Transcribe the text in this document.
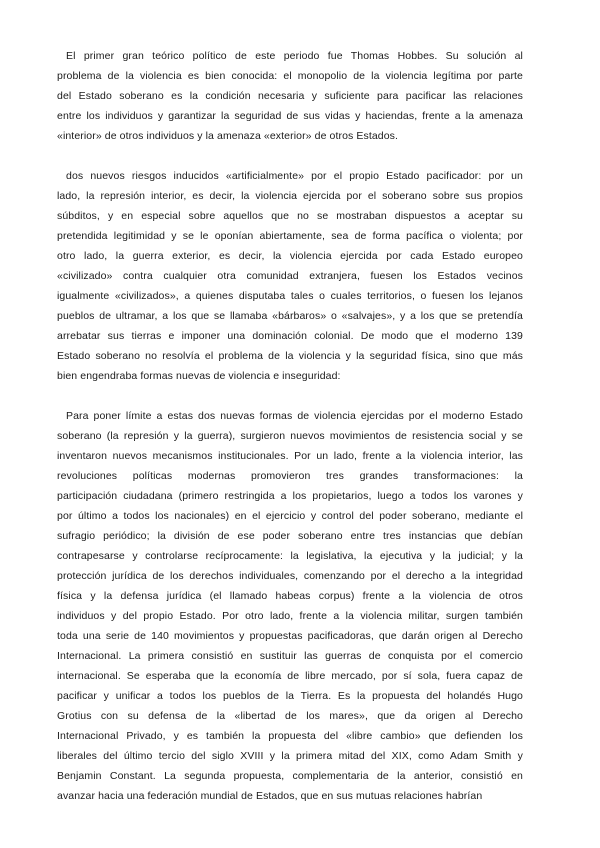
El primer gran teórico político de este periodo fue Thomas Hobbes. Su solución al
problema de la violencia es bien conocida: el monopolio de la violencia legítima por parte
del Estado soberano es la condición necesaria y suficiente para pacificar las relaciones
entre los individuos y garantizar la seguridad de sus vidas y haciendas, frente a la amenaza
«interior» de otros individuos y la amenaza «exterior» de otros Estados.
dos nuevos riesgos inducidos «artificialmente» por el propio Estado pacificador: por un
lado, la represión interior, es decir, la violencia ejercida por el soberano sobre sus propios
súbditos, y en especial sobre aquellos que no se mostraban dispuestos a aceptar su
pretendida legitimidad y se le oponían abiertamente, sea de forma pacífica o violenta; por
otro lado, la guerra exterior, es decir, la violencia ejercida por cada Estado europeo
«civilizado» contra cualquier otra comunidad extranjera, fuesen los Estados vecinos
igualmente «civilizados», a quienes disputaba tales o cuales territorios, o fuesen los lejanos
pueblos de ultramar, a los que se llamaba «bárbaros» o «salvajes», y a los que se pretendía
arrebatar sus tierras e imponer una dominación colonial. De modo que el moderno 139
Estado soberano no resolvía el problema de la violencia y la seguridad física, sino que más
bien engendraba formas nuevas de violencia e inseguridad:
Para poner límite a estas dos nuevas formas de violencia ejercidas por el moderno Estado
soberano (la represión y la guerra), surgieron nuevos movimientos de resistencia social y se
inventaron nuevos mecanismos institucionales. Por un lado, frente a la violencia interior, las
revoluciones políticas modernas promovieron tres grandes transformaciones: la
participación ciudadana (primero restringida a los propietarios, luego a todos los varones y
por último a todos los nacionales) en el ejercicio y control del poder soberano, mediante el
sufragio periódico; la división de ese poder soberano entre tres instancias que debían
contrapesarse y controlarse recíprocamente: la legislativa, la ejecutiva y la judicial; y la
protección jurídica de los derechos individuales, comenzando por el derecho a la integridad
física y la defensa jurídica (el llamado habeas corpus) frente a la violencia de otros
individuos y del propio Estado. Por otro lado, frente a la violencia militar, surgen también
toda una serie de 140 movimientos y propuestas pacificadoras, que darán origen al Derecho
Internacional. La primera consistió en sustituir las guerras de conquista por el comercio
internacional. Se esperaba que la economía de libre mercado, por sí sola, fuera capaz de
pacificar y unificar a todos los pueblos de la Tierra. Es la propuesta del holandés Hugo
Grotius con su defensa de la «libertad de los mares», que da origen al Derecho
Internacional Privado, y es también la propuesta del «libre cambio» que defienden los
liberales del último tercio del siglo XVIII y la primera mitad del XIX, como Adam Smith y
Benjamin Constant. La segunda propuesta, complementaria de la anterior, consistió en
avanzar hacia una federación mundial de Estados, que en sus mutuas relaciones habrían
